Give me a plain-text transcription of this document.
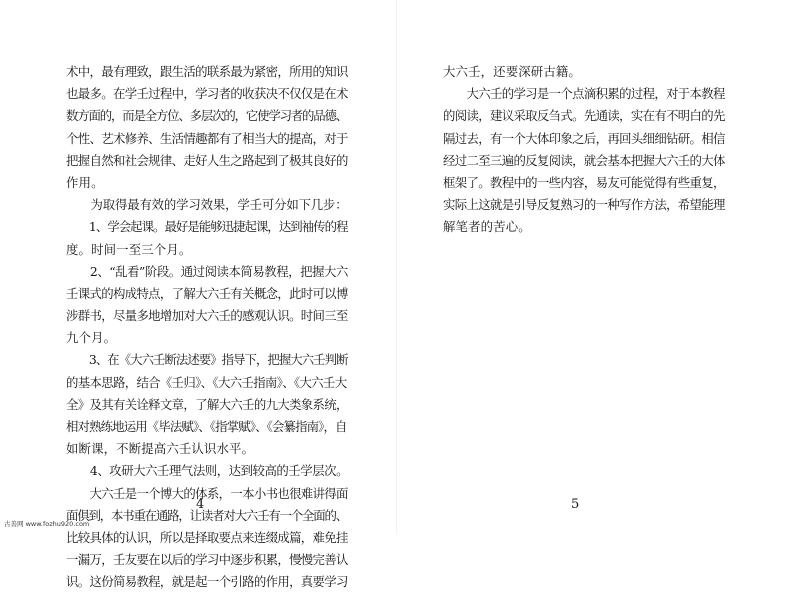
术中，最有理致，跟生活的联系最为紧密，所用的知识
也最多。在学壬过程中，学习者的收获决不仅仅是在术
数方面的，而是全方位、多层次的，它使学习者的品德、
个性、艺术修养、生活情趣都有了相当大的提高，对于
把握自然和社会规律、走好人生之路起到了极其良好的
作用。
　　为取得最有效的学习效果，学壬可分如下几步：
　　1、学会起课。最好是能够迅捷起课，达到袖传的程
度。时间一至三个月。
　　2、“乱看”阶段。通过阅读本简易教程，把握大六
壬课式的构成特点，了解大六壬有关概念，此时可以博
涉群书，尽量多地增加对大六壬的感观认识。时间三至
九个月。
　　3、在《大六壬断法述要》指导下，把握大六壬判断
的基本思路，结合《壬归》、《大六壬指南》、《大六壬大
全》及其有关诠释文章，了解大六壬的九大类象系统，
相对熟练地运用《毕法赋》、《指掌赋》、《会纂指南》，自
如断课，不断提高六壬认识水平。
　　4、攻研大六壬理气法则，达到较高的壬学层次。
　　大六壬是一个博大的体系，一本小书也很难讲得面
面俱到，本书重在通路，让读者对大六壬有一个全面的、
比较具体的认识，所以是择取要点来连缀成篇，难免挂
一漏万，壬友要在以后的学习中逐步积累，慢慢完善认
识。这份简易教程，就是起一个引路的作用，真要学习
4
大六壬，还要深研古籍。
　　大六壬的学习是一个点滴积累的过程，对于本教程
的阅读，建议采取反刍式。先通读，实在有不明白的先
隔过去，有一个大体印象之后，再回头细细钻研。相信
经过二至三遍的反复阅读，就会基本把握大六壬的大体
框架了。教程中的一些内容，易友可能觉得有些重复，
实际上这就是引导反复熟习的一种写作方法，希望能理
解笔者的苦心。
5
古善网 www.fozhu920.com
